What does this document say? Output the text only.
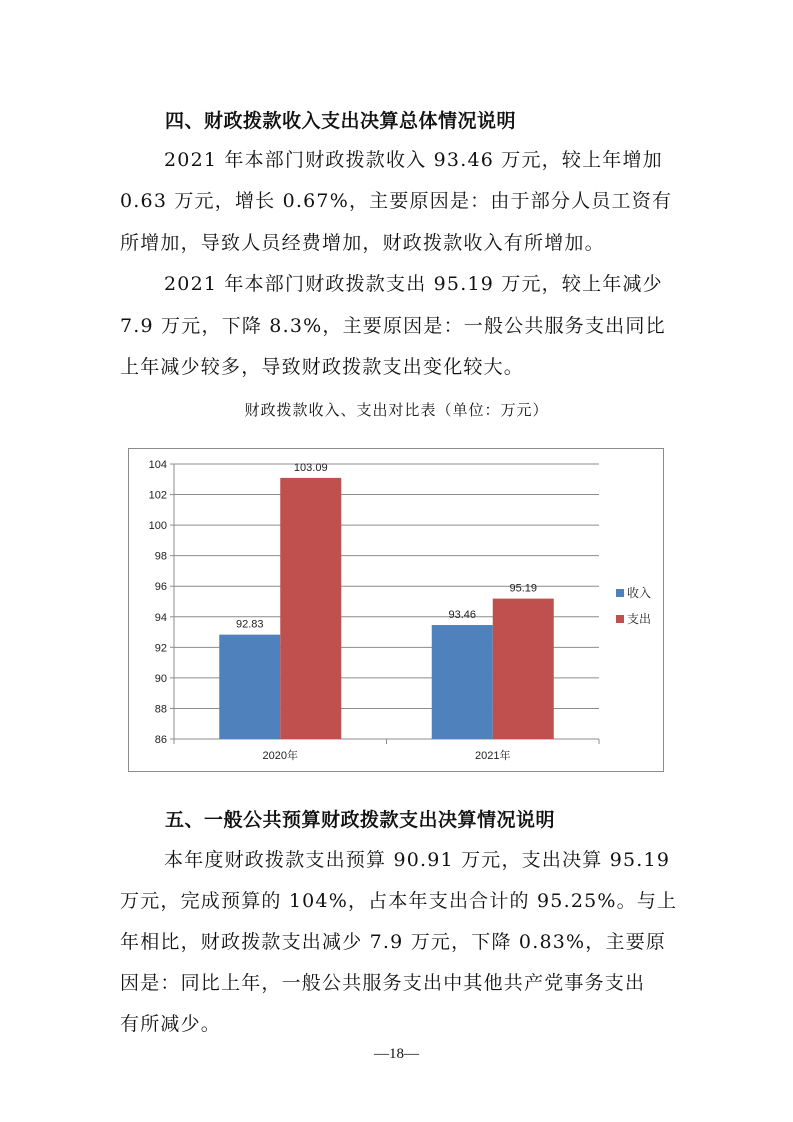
四、财政拨款收入支出决算总体情况说明
2021 年本部门财政拨款收入 93.46 万元，较上年增加
0.63 万元，增长 0.67%，主要原因是：由于部分人员工资有
所增加，导致人员经费增加，财政拨款收入有所增加。
2021 年本部门财政拨款支出 95.19 万元，较上年减少
7.9 万元，下降 8.3%，主要原因是：一般公共服务支出同比
上年减少较多，导致财政拨款支出变化较大。
财政拨款收入、支出对比表（单位：万元）
86
88
90
92
94
96
98
100
102
104
2020年
92.83
103.09
2021年
93.46
95.19	收入
支出
五、一般公共预算财政拨款支出决算情况说明
本年度财政拨款支出预算 90.91 万元，支出决算 95.19
万元，完成预算的 104%，占本年支出合计的 95.25%。与上
年相比，财政拨款支出减少 7.9 万元，下降 0.83%，主要原
因是：同比上年，一般公共服务支出中其他共产党事务支出
有所减少。
—18—
